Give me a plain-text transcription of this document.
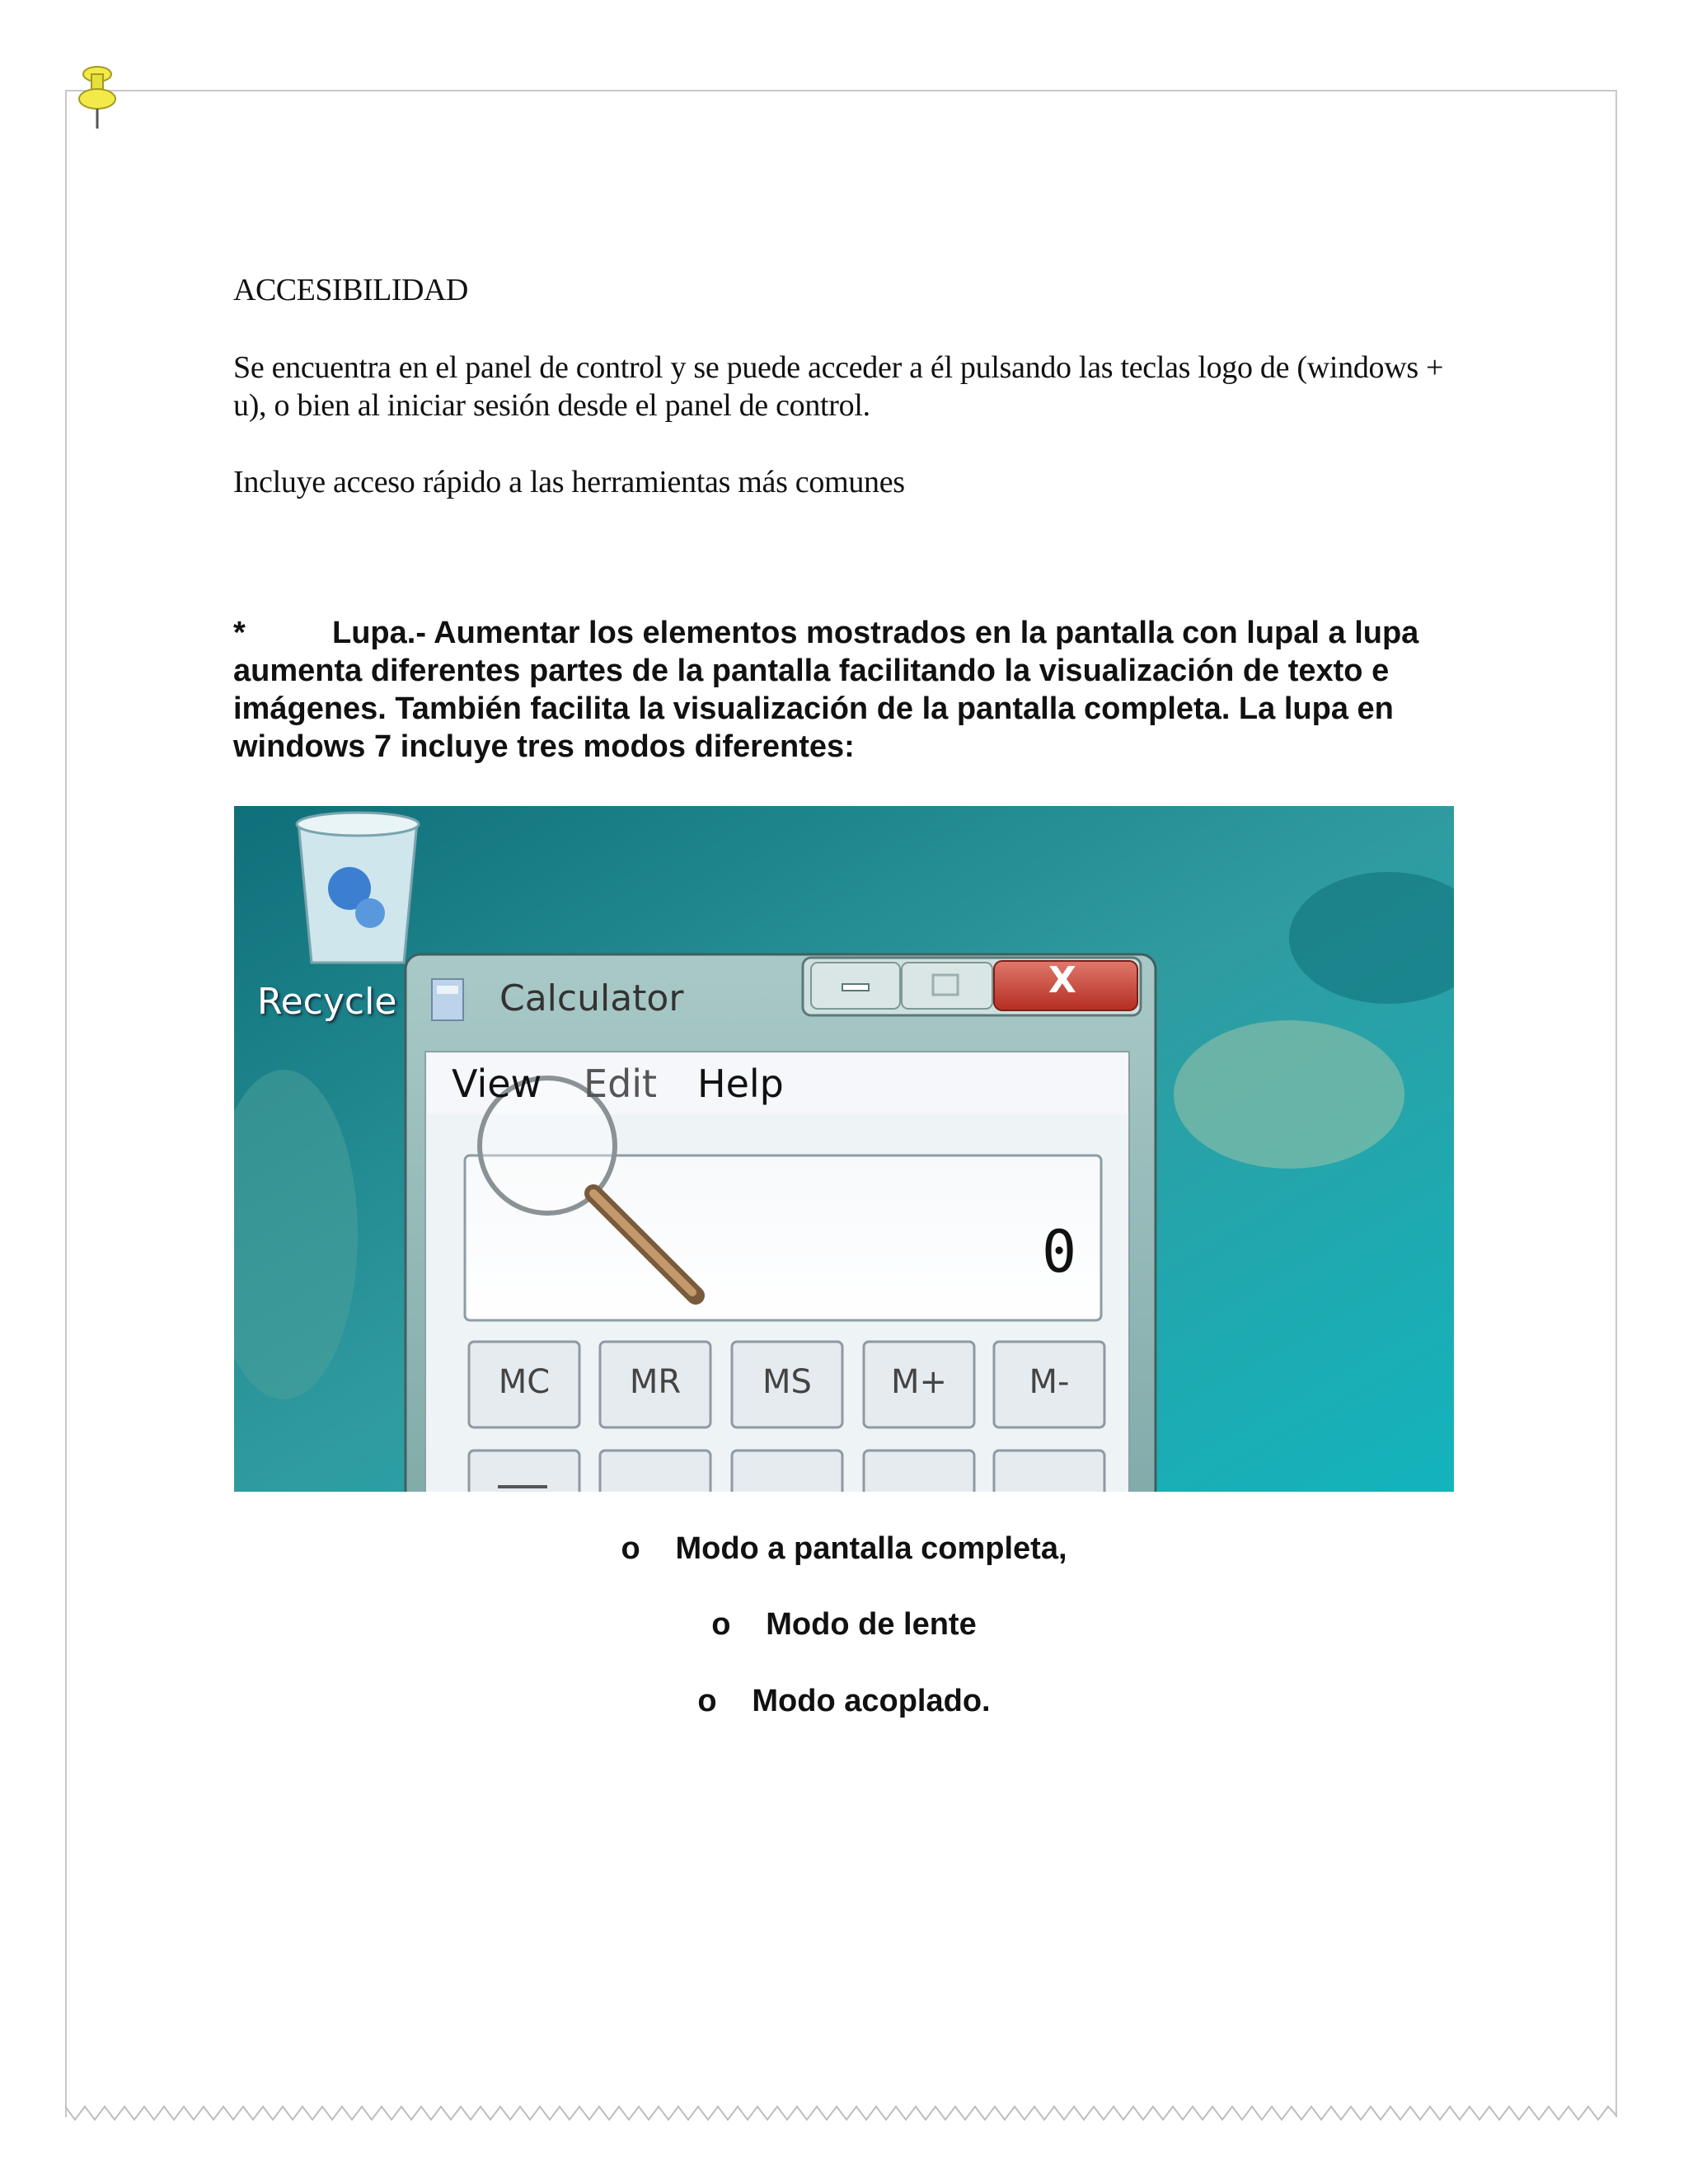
ACCESIBILIDAD

Se encuentra en el panel de control y se puede acceder a él pulsando las teclas logo de (windows + u), o bien al iniciar sesión desde el panel de control.

Incluye acceso rápido a las herramientas más comunes

*	Lupa.- Aumentar los elementos mostrados en la pantalla con lupal a lupa aumenta diferentes partes de la pantalla facilitando la visualización de texto e imágenes. También facilita la visualización de la pantalla completa. La lupa en windows 7 incluye tres modos diferentes:

Recycle	Calculator	X
View Edit Help
0
MC	MR	MS	M+	M-

o Modo a pantalla completa,

o Modo de lente

o Modo acoplado.
